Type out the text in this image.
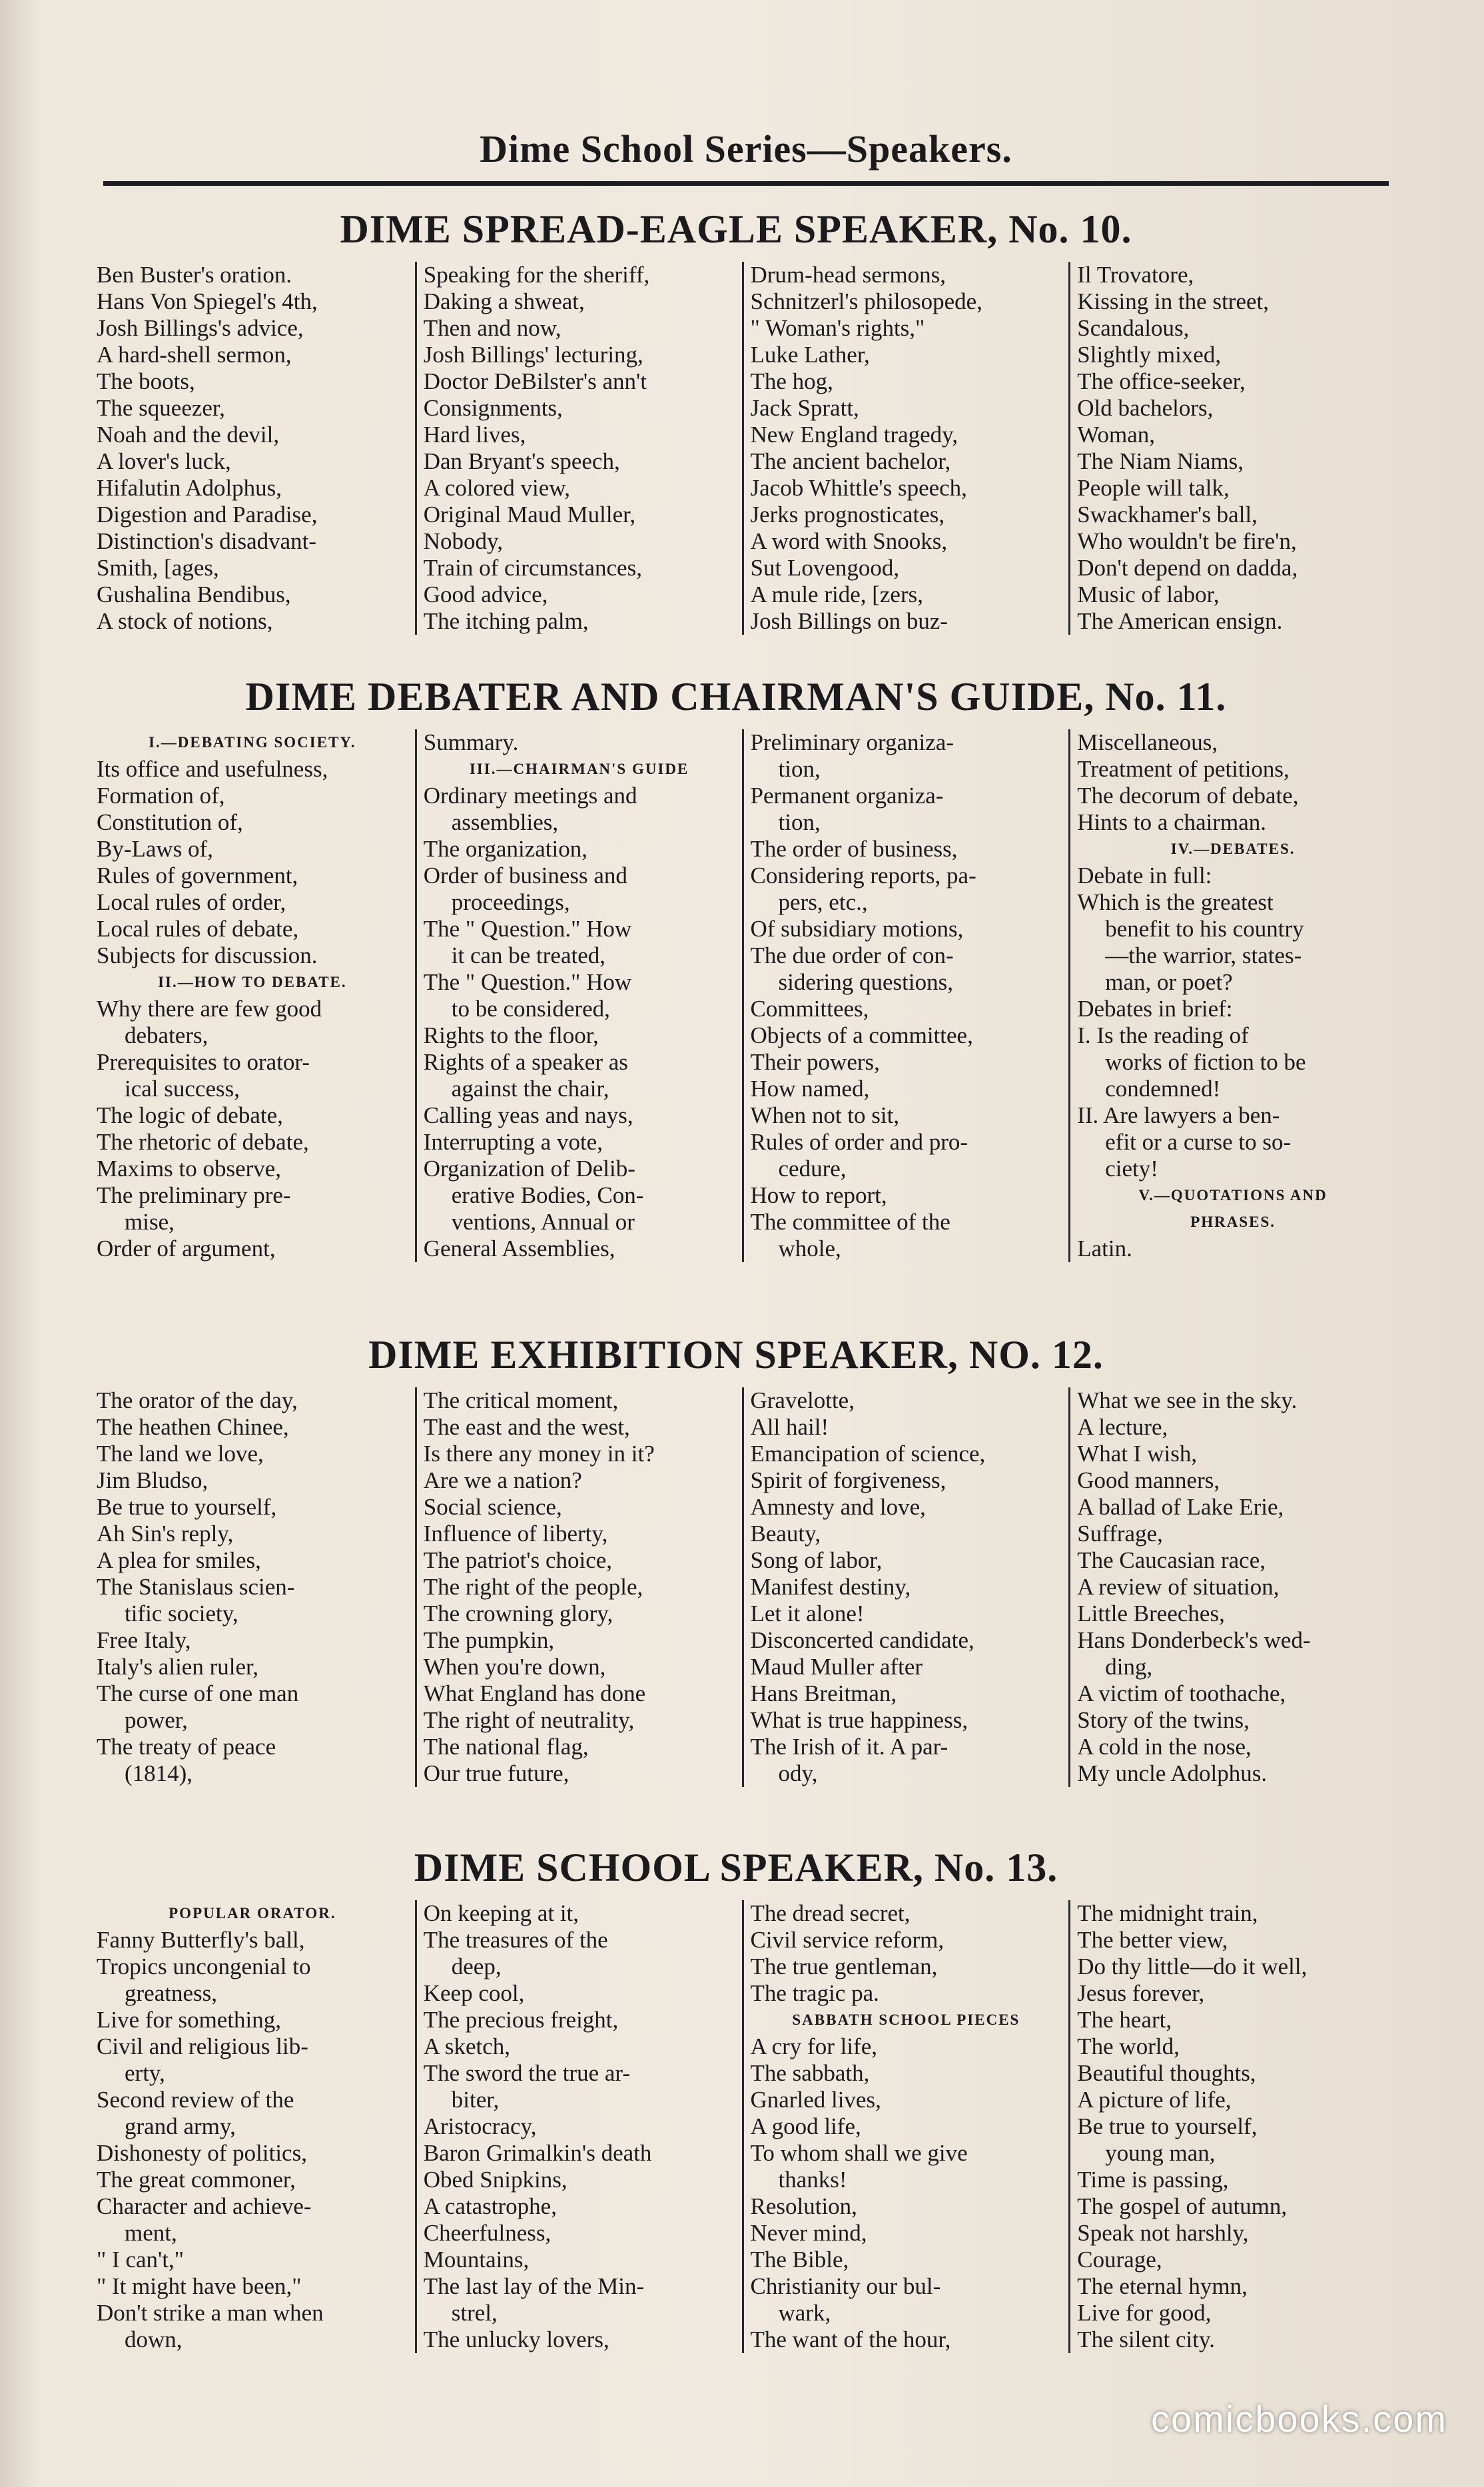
Dime School Series—Speakers.
DIME SPREAD-EAGLE SPEAKER, No. 10.
Ben Buster's oration.
Hans Von Spiegel's 4th,
Josh Billings's advice,
A hard-shell sermon,
The boots,
The squeezer,
Noah and the devil,
A lover's luck,
Hifalutin Adolphus,
Digestion and Paradise,
Distinction's disadvant-
Smith, [ages,
Gushalina Bendibus,
A stock of notions,
Speaking for the sheriff,
Daking a shweat,
Then and now,
Josh Billings' lecturing,
Doctor DeBilster's ann't
Consignments,
Hard lives,
Dan Bryant's speech,
A colored view,
Original Maud Muller,
Nobody,
Train of circumstances,
Good advice,
The itching palm,
Drum-head sermons,
Schnitzerl's philosopede,
" Woman's rights,"
Luke Lather,
The hog,
Jack Spratt,
New England tragedy,
The ancient bachelor,
Jacob Whittle's speech,
Jerks prognosticates,
A word with Snooks,
Sut Lovengood,
A mule ride, [zers,
Josh Billings on buz-
Il Trovatore,
Kissing in the street,
Scandalous,
Slightly mixed,
The office-seeker,
Old bachelors,
Woman,
The Niam Niams,
People will talk,
Swackhamer's ball,
Who wouldn't be fire'n,
Don't depend on dadda,
Music of labor,
The American ensign.
DIME DEBATER AND CHAIRMAN'S GUIDE, No. 11.
I.—DEBATING SOCIETY.
Its office and usefulness,
Formation of,
Constitution of,
By-Laws of,
Rules of government,
Local rules of order,
Local rules of debate,
Subjects for discussion.
II.—HOW TO DEBATE.
Why there are few good
debaters,
Prerequisites to orator-
ical success,
The logic of debate,
The rhetoric of debate,
Maxims to observe,
The preliminary pre-
mise,
Order of argument,
Summary.
III.—CHAIRMAN'S GUIDE
Ordinary meetings and
assemblies,
The organization,
Order of business and
proceedings,
The " Question." How
it can be treated,
The " Question." How
to be considered,
Rights to the floor,
Rights of a speaker as
against the chair,
Calling yeas and nays,
Interrupting a vote,
Organization of Delib-
erative Bodies, Con-
ventions, Annual or
General Assemblies,
Preliminary organiza-
tion,
Permanent organiza-
tion,
The order of business,
Considering reports, pa-
pers, etc.,
Of subsidiary motions,
The due order of con-
sidering questions,
Committees,
Objects of a committee,
Their powers,
How named,
When not to sit,
Rules of order and pro-
cedure,
How to report,
The committee of the
whole,
Miscellaneous,
Treatment of petitions,
The decorum of debate,
Hints to a chairman.
IV.—DEBATES.
Debate in full:
Which is the greatest
benefit to his country
—the warrior, states-
man, or poet?
Debates in brief:
I. Is the reading of
works of fiction to be
condemned!
II. Are lawyers a ben-
efit or a curse to so-
ciety!
V.—QUOTATIONS AND
PHRASES.
Latin.
DIME EXHIBITION SPEAKER, NO. 12.
The orator of the day,
The heathen Chinee,
The land we love,
Jim Bludso,
Be true to yourself,
Ah Sin's reply,
A plea for smiles,
The Stanislaus scien-
tific society,
Free Italy,
Italy's alien ruler,
The curse of one man
power,
The treaty of peace
(1814),
The critical moment,
The east and the west,
Is there any money in it?
Are we a nation?
Social science,
Influence of liberty,
The patriot's choice,
The right of the people,
The crowning glory,
The pumpkin,
When you're down,
What England has done
The right of neutrality,
The national flag,
Our true future,
Gravelotte,
All hail!
Emancipation of science,
Spirit of forgiveness,
Amnesty and love,
Beauty,
Song of labor,
Manifest destiny,
Let it alone!
Disconcerted candidate,
Maud Muller after
Hans Breitman,
What is true happiness,
The Irish of it. A par-
ody,
What we see in the sky.
A lecture,
What I wish,
Good manners,
A ballad of Lake Erie,
Suffrage,
The Caucasian race,
A review of situation,
Little Breeches,
Hans Donderbeck's wed-
ding,
A victim of toothache,
Story of the twins,
A cold in the nose,
My uncle Adolphus.
DIME SCHOOL SPEAKER, No. 13.
POPULAR ORATOR.
Fanny Butterfly's ball,
Tropics uncongenial to
greatness,
Live for something,
Civil and religious lib-
erty,
Second review of the
grand army,
Dishonesty of politics,
The great commoner,
Character and achieve-
ment,
" I can't,"
" It might have been,"
Don't strike a man when
down,
On keeping at it,
The treasures of the
deep,
Keep cool,
The precious freight,
A sketch,
The sword the true ar-
biter,
Aristocracy,
Baron Grimalkin's death
Obed Snipkins,
A catastrophe,
Cheerfulness,
Mountains,
The last lay of the Min-
strel,
The unlucky lovers,
The dread secret,
Civil service reform,
The true gentleman,
The tragic pa.
SABBATH SCHOOL PIECES
A cry for life,
The sabbath,
Gnarled lives,
A good life,
To whom shall we give
thanks!
Resolution,
Never mind,
The Bible,
Christianity our bul-
wark,
The want of the hour,
The midnight train,
The better view,
Do thy little—do it well,
Jesus forever,
The heart,
The world,
Beautiful thoughts,
A picture of life,
Be true to yourself,
young man,
Time is passing,
The gospel of autumn,
Speak not harshly,
Courage,
The eternal hymn,
Live for good,
The silent city.
comicbooks.com
